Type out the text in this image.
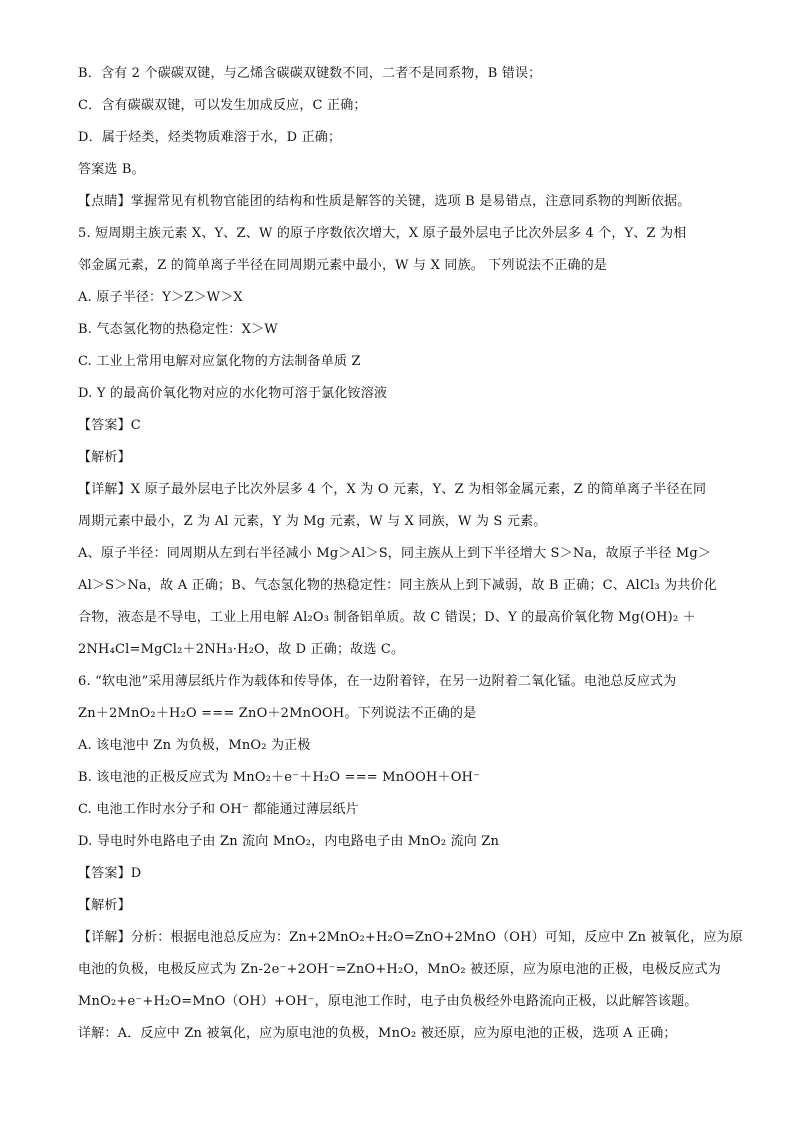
B．含有 2 个碳碳双键，与乙烯含碳碳双键数不同，二者不是同系物，B 错误；
C．含有碳碳双键，可以发生加成反应，C 正确；
D．属于烃类，烃类物质难溶于水，D 正确；
答案选 B。
【点睛】掌握常见有机物官能团的结构和性质是解答的关键，选项 B 是易错点，注意同系物的判断依据。
5. 短周期主族元素 X、Y、Z、W 的原子序数依次增大，X 原子最外层电子比次外层多 4 个，Y、Z 为相
邻金属元素，Z 的简单离子半径在同周期元素中最小，W 与 X 同族。 下列说法不正确的是
A. 原子半径：Y＞Z＞W＞X
B. 气态氢化物的热稳定性：X＞W
C. 工业上常用电解对应氯化物的方法制备单质 Z
D. Y 的最高价氧化物对应的水化物可溶于氯化铵溶液
【答案】C
【解析】
【详解】X 原子最外层电子比次外层多 4 个，X 为 O 元素，Y、Z 为相邻金属元素，Z 的简单离子半径在同
周期元素中最小，Z 为 Al 元素，Y 为 Mg 元素，W 与 X 同族，W 为 S 元素。
A、原子半径：同周期从左到右半径减小 Mg＞Al＞S，同主族从上到下半径增大 S＞Na，故原子半径 Mg＞
Al＞S＞Na，故 A 正确；B、气态氢化物的热稳定性：同主族从上到下减弱，故 B 正确；C、AlCl₃ 为共价化
合物，液态是不导电，工业上用电解 Al₂O₃ 制备铝单质。故 C 错误；D、Y 的最高价氧化物 Mg(OH)₂ ＋
2NH₄Cl=MgCl₂＋2NH₃·H₂O，故 D 正确；故选 C。
6. “软电池”采用薄层纸片作为载体和传导体，在一边附着锌，在另一边附着二氧化锰。电池总反应式为
Zn＋2MnO₂＋H₂O === ZnO＋2MnOOH。下列说法不正确的是
A. 该电池中 Zn 为负极，MnO₂ 为正极
B. 该电池的正极反应式为 MnO₂＋e⁻＋H₂O === MnOOH＋OH⁻
C. 电池工作时水分子和 OH⁻ 都能通过薄层纸片
D. 导电时外电路电子由 Zn 流向 MnO₂，内电路电子由 MnO₂ 流向 Zn
【答案】D
【解析】
【详解】分析：根据电池总反应为：Zn+2MnO₂+H₂O=ZnO+2MnO（OH）可知，反应中 Zn 被氧化，应为原
电池的负极，电极反应式为 Zn-2e⁻+2OH⁻=ZnO+H₂O，MnO₂ 被还原，应为原电池的正极，电极反应式为
MnO₂+e⁻+H₂O=MnO（OH）+OH⁻，原电池工作时，电子由负极经外电路流向正极，以此解答该题。
详解：A．反应中 Zn 被氧化，应为原电池的负极，MnO₂ 被还原，应为原电池的正极，选项 A 正确；
